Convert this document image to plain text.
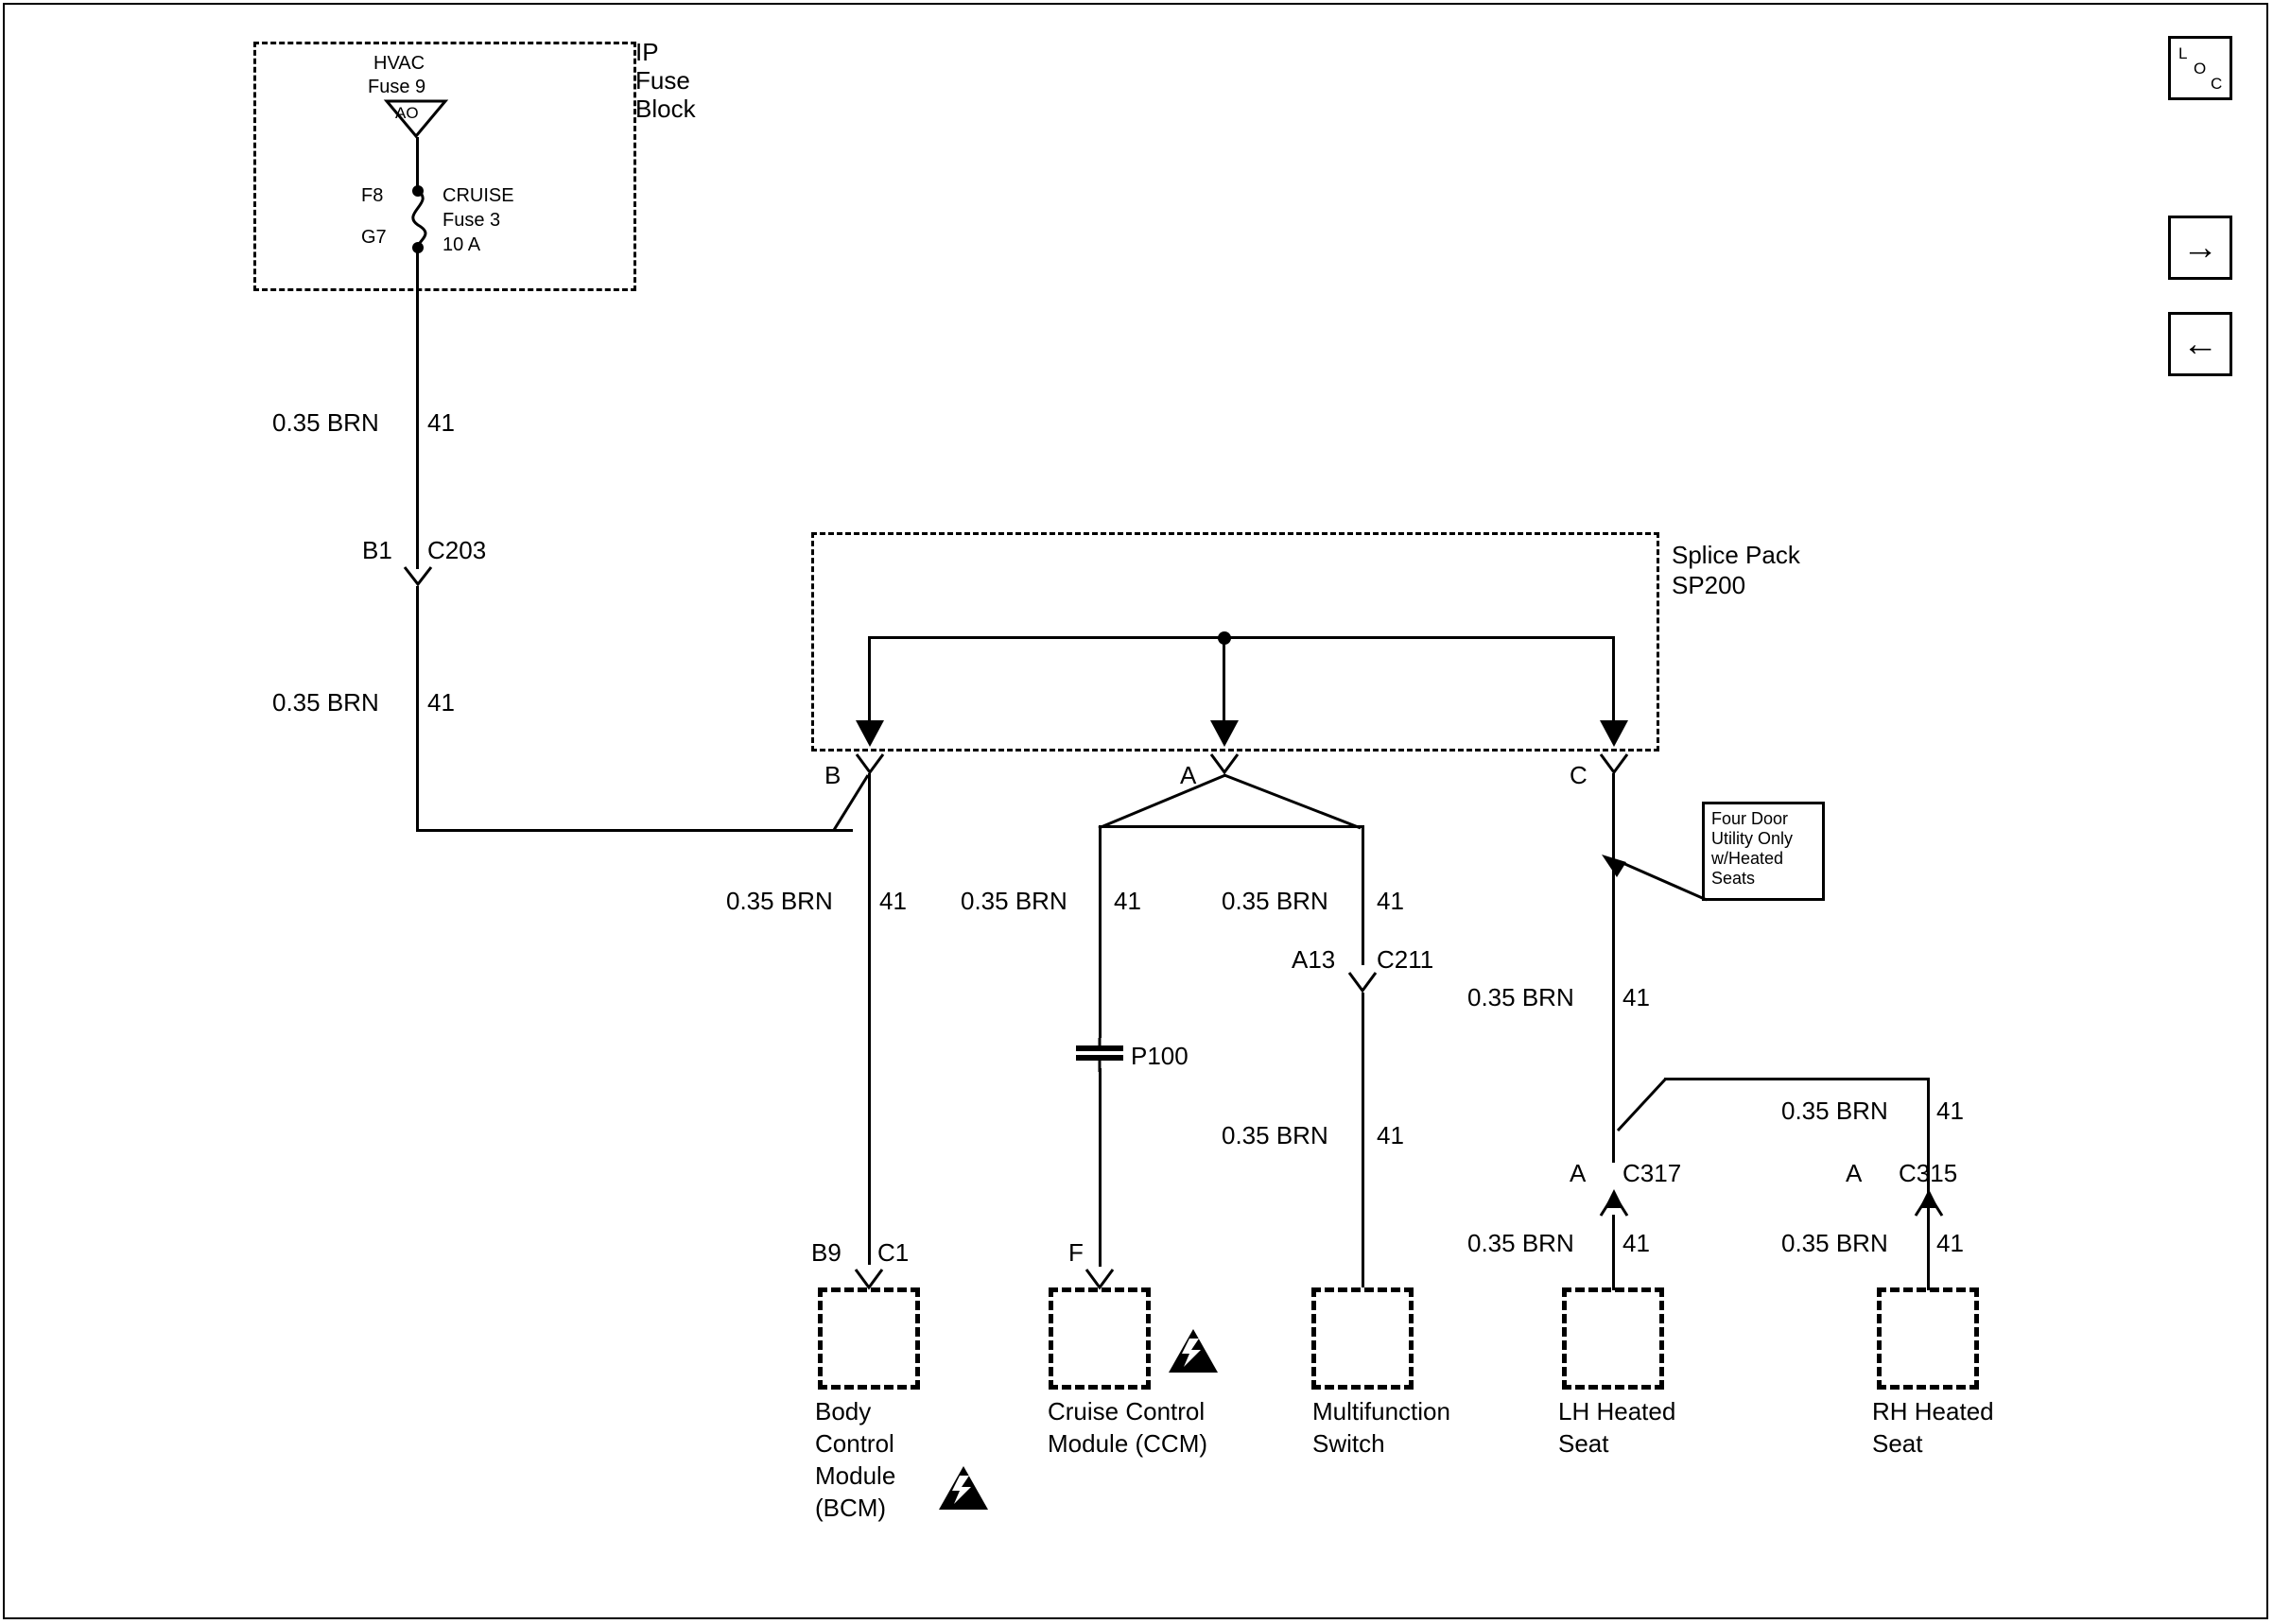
IP
Fuse
Block
HVAC
Fuse 9
AO
F8
G7
CRUISE
Fuse 3
10 A
0.35 BRN 41
B1 C203
0.35 BRN 41
Splice Pack
SP200
B	A	C
0.35 BRN 41
B9 C1
Body
Control
Module
(BCM)
0.35 BRN 41
P100
F
Cruise Control
Module (CCM)
0.35 BRN 41
A13 C211
0.35 BRN 41
Multifunction
Switch
0.35 BRN 41
Four Door
Utility Only
w/Heated
Seats
A C317
0.35 BRN 41
LH Heated
Seat
0.35 BRN 41
A C315
0.35 BRN 41
RH Heated
Seat
L
O
C
→
←
